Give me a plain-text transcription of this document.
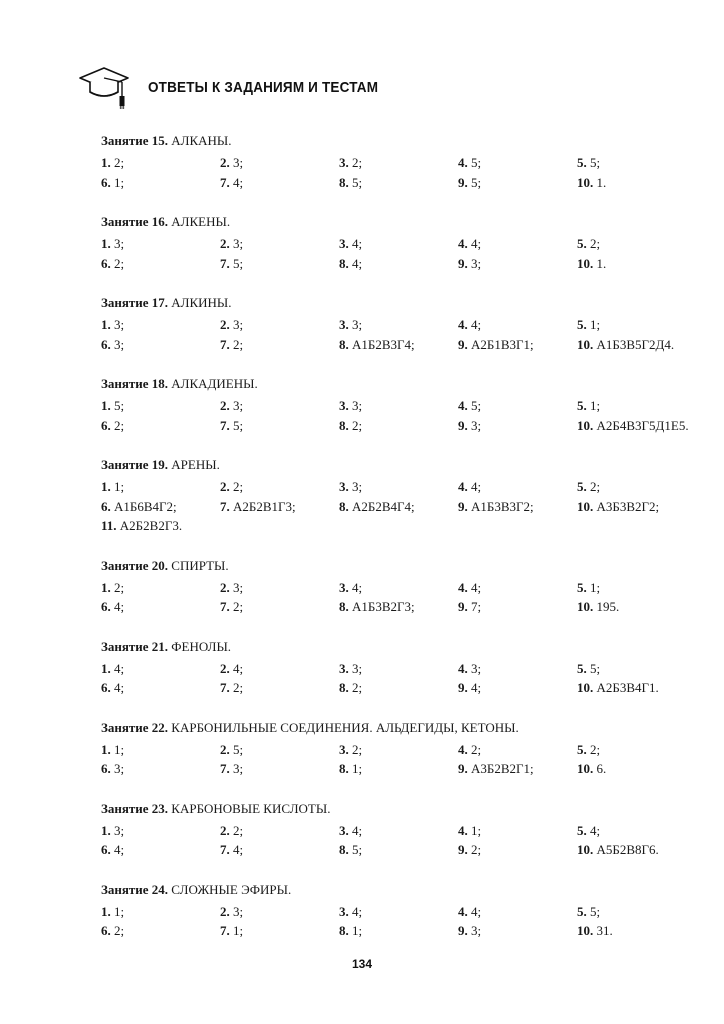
ОТВЕТЫ К ЗАДАНИЯМ И ТЕСТАМ
Занятие 15. АЛКАНЫ.
1. 2;	2. 3;	3. 2;	4. 5;	5. 5;
6. 1;	7. 4;	8. 5;	9. 5;	10. 1.
Занятие 16. АЛКЕНЫ.
1. 3;	2. 3;	3. 4;	4. 4;	5. 2;
6. 2;	7. 5;	8. 4;	9. 3;	10. 1.
Занятие 17. АЛКИНЫ.
1. 3;	2. 3;	3. 3;	4. 4;	5. 1;
6. 3;	7. 2;	8. А1Б2В3Г4;	9. А2Б1В3Г1;	10. А1Б3В5Г2Д4.
Занятие 18. АЛКАДИЕНЫ.
1. 5;	2. 3;	3. 3;	4. 5;	5. 1;
6. 2;	7. 5;	8. 2;	9. 3;	10. А2Б4В3Г5Д1Е5.
Занятие 19. АРЕНЫ.
1. 1;	2. 2;	3. 3;	4. 4;	5. 2;
6. А1Б6В4Г2;	7. А2Б2В1Г3;	8. А2Б2В4Г4;	9. А1Б3В3Г2;	10. А3Б3В2Г2;
11. А2Б2В2Г3.
Занятие 20. СПИРТЫ.
1. 2;	2. 3;	3. 4;	4. 4;	5. 1;
6. 4;	7. 2;	8. А1Б3В2Г3;	9. 7;	10. 195.
Занятие 21. ФЕНОЛЫ.
1. 4;	2. 4;	3. 3;	4. 3;	5. 5;
6. 4;	7. 2;	8. 2;	9. 4;	10. А2Б3В4Г1.
Занятие 22. КАРБОНИЛЬНЫЕ СОЕДИНЕНИЯ. АЛЬДЕГИДЫ, КЕТОНЫ.
1. 1;	2. 5;	3. 2;	4. 2;	5. 2;
6. 3;	7. 3;	8. 1;	9. А3Б2В2Г1;	10. 6.
Занятие 23. КАРБОНОВЫЕ КИСЛОТЫ.
1. 3;	2. 2;	3. 4;	4. 1;	5. 4;
6. 4;	7. 4;	8. 5;	9. 2;	10. А5Б2В8Г6.
Занятие 24. СЛОЖНЫЕ ЭФИРЫ.
1. 1;	2. 3;	3. 4;	4. 4;	5. 5;
6. 2;	7. 1;	8. 1;	9. 3;	10. 31.
134
